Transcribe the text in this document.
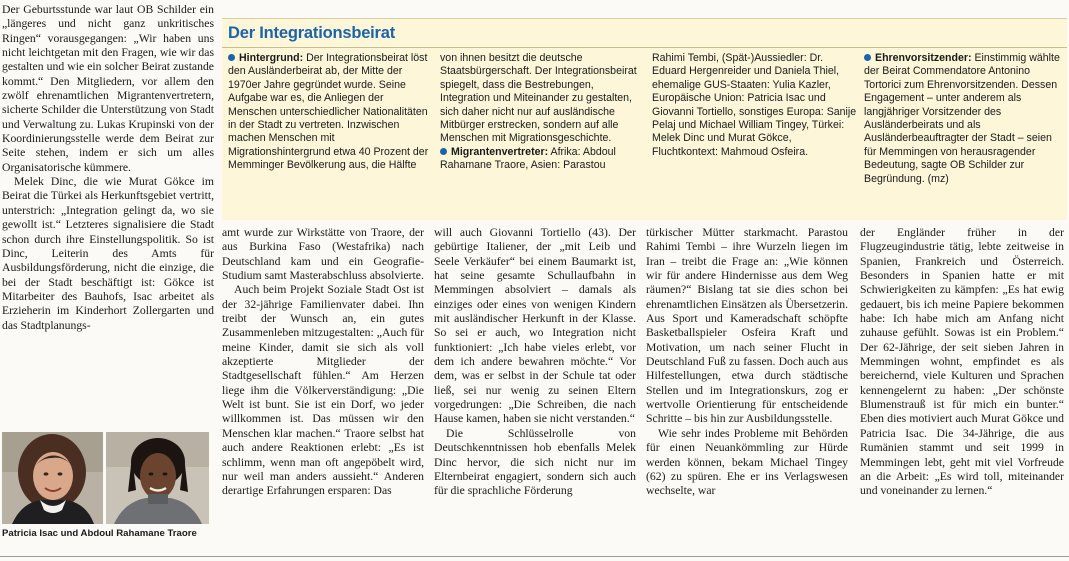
Der Geburtsstunde war laut OB Schilder ein „längeres und nicht ganz unkritisches Ringen“ vorausgegangen: „Wir haben uns nicht leichtgetan mit den Fragen, wie wir das gestalten und wie ein solcher Beirat zustande kommt.“ Den Mitgliedern, vor allem den zwölf ehrenamtlichen Migrantenvertretern, sicherte Schilder die Unterstützung von Stadt und Verwaltung zu. Lukas Krupinski von der Koordinierungsstelle werde dem Beirat zur Seite stehen, indem er sich um alles Organisatorische kümmere.

Melek Dinc, die wie Murat Gökce im Beirat die Türkei als Herkunftsgebiet vertritt, unterstrich: „Integration gelingt da, wo sie gewollt ist.“ Letzteres signalisiere die Stadt schon durch ihre Einstellungspolitik. So ist Dinc, Leiterin des Amts für Ausbildungsförderung, nicht die einzige, die bei der Stadt beschäftigt ist: Gökce ist Mitarbeiter des Bauhofs, Isac arbeitet als Erzieherin im Kinderhort Zollergarten und das Stadtplanungs-

Patricia Isac und Abdoul Rahamane Traore
Der Integrationsbeirat

Hintergrund: Der Integrationsbeirat löst den Ausländerbeirat ab, der Mitte der 1970er Jahre gegründet wurde. Seine Aufgabe war es, die Anliegen der Menschen unterschiedlicher Nationalitäten in der Stadt zu vertreten. Inzwischen machen Menschen mit Migrationshintergrund etwa 40 Prozent der Memminger Bevölkerung aus, die Hälfte

von ihnen besitzt die deutsche Staatsbürgerschaft. Der Integrationsbeirat spiegelt, dass die Bestrebungen, Integration und Miteinander zu gestalten, sich daher nicht nur auf ausländische Mitbürger erstrecken, sondern auf alle Menschen mit Migrationsgeschichte.

Migrantenvertreter: Afrika: Abdoul Rahamane Traore, Asien: Parastou

Rahimi Tembi, (Spät-)Aussiedler: Dr. Eduard Hergenreider und Daniela Thiel, ehemalige GUS-Staaten: Yulia Kazler, Europäische Union: Patricia Isac und Giovanni Tortiello, sonstiges Europa: Sanije Pelaj und Michael William Tingey, Türkei: Melek Dinc und Murat Gökce, Fluchtkontext: Mahmoud Osfeira.

Ehrenvorsitzender: Einstimmig wählte der Beirat Commendatore Antonino Tortorici zum Ehrenvorsitzenden. Dessen Engagement – unter anderem als langjähriger Vorsitzender des Ausländerbeirats und als Ausländerbeauftragter der Stadt – seien für Memmingen von herausragender Bedeutung, sagte OB Schilder zur Begründung. (mz)

amt wurde zur Wirkstätte von Traore, der aus Burkina Faso (Westafrika) nach Deutschland kam und ein Geografie-Studium samt Masterabschluss absolvierte.

Auch beim Projekt Soziale Stadt Ost ist der 32-jährige Familienvater dabei. Ihn treibt der Wunsch an, ein gutes Zusammenleben mitzugestalten: „Auch für meine Kinder, damit sie sich als voll akzeptierte Mitglieder der Stadtgesellschaft fühlen.“ Am Herzen liege ihm die Völkerverständigung: „Die Welt ist bunt. Sie ist ein Dorf, wo jeder willkommen ist. Das müssen wir den Menschen klar machen.“ Traore selbst hat auch andere Reaktionen erlebt: „Es ist schlimm, wenn man oft angepöbelt wird, nur weil man anders aussieht.“ Anderen derartige Erfahrungen ersparen: Das

will auch Giovanni Tortiello (43). Der gebürtige Italiener, der „mit Leib und Seele Verkäufer“ bei einem Baumarkt ist, hat seine gesamte Schullaufbahn in Memmingen absolviert – damals als einziges oder eines von wenigen Kindern mit ausländischer Herkunft in der Klasse. So sei er auch, wo Integration nicht funktioniert: „Ich habe vieles erlebt, vor dem ich andere bewahren möchte.“ Vor dem, was er selbst in der Schule tat oder ließ, sei nur wenig zu seinen Eltern vorgedrungen: „Die Schreiben, die nach Hause kamen, haben sie nicht verstanden.“

Die Schlüsselrolle von Deutschkenntnissen hob ebenfalls Melek Dinc hervor, die sich nicht nur im Elternbeirat engagiert, sondern sich auch für die sprachliche Förderung

türkischer Mütter starkmacht. Parastou Rahimi Tembi – ihre Wurzeln liegen im Iran – treibt die Frage an: „Wie können wir für andere Hindernisse aus dem Weg räumen?“ Bislang tat sie dies schon bei ehrenamtlichen Einsätzen als Übersetzerin. Aus Sport und Kameradschaft schöpfte Basketballspieler Osfeira Kraft und Motivation, um nach seiner Flucht in Deutschland Fuß zu fassen. Doch auch aus Hilfestellungen, etwa durch städtische Stellen und im Integrationskurs, zog er wertvolle Orientierung für entscheidende Schritte – bis hin zur Ausbildungsstelle.

Wie sehr indes Probleme mit Behörden für einen Neuankömmling zur Hürde werden können, bekam Michael Tingey (62) zu spüren. Ehe er ins Verlagswesen wechselte, war

der Engländer früher in der Flugzeugindustrie tätig, lebte zeitweise in Spanien, Frankreich und Österreich. Besonders in Spanien hatte er mit Schwierigkeiten zu kämpfen: „Es hat ewig gedauert, bis ich meine Papiere bekommen habe: Ich habe mich am Anfang nicht zuhause gefühlt. Sowas ist ein Problem.“ Der 62-Jährige, der seit sieben Jahren in Memmingen wohnt, empfindet es als bereichernd, viele Kulturen und Sprachen kennengelernt zu haben: „Der schönste Blumenstrauß ist für mich ein bunter.“ Eben dies motiviert auch Murat Gökce und Patricia Isac. Die 34-Jährige, die aus Rumänien stammt und seit 1999 in Memmingen lebt, geht mit viel Vorfreude an die Arbeit: „Es wird toll, miteinander und voneinander zu lernen.“
